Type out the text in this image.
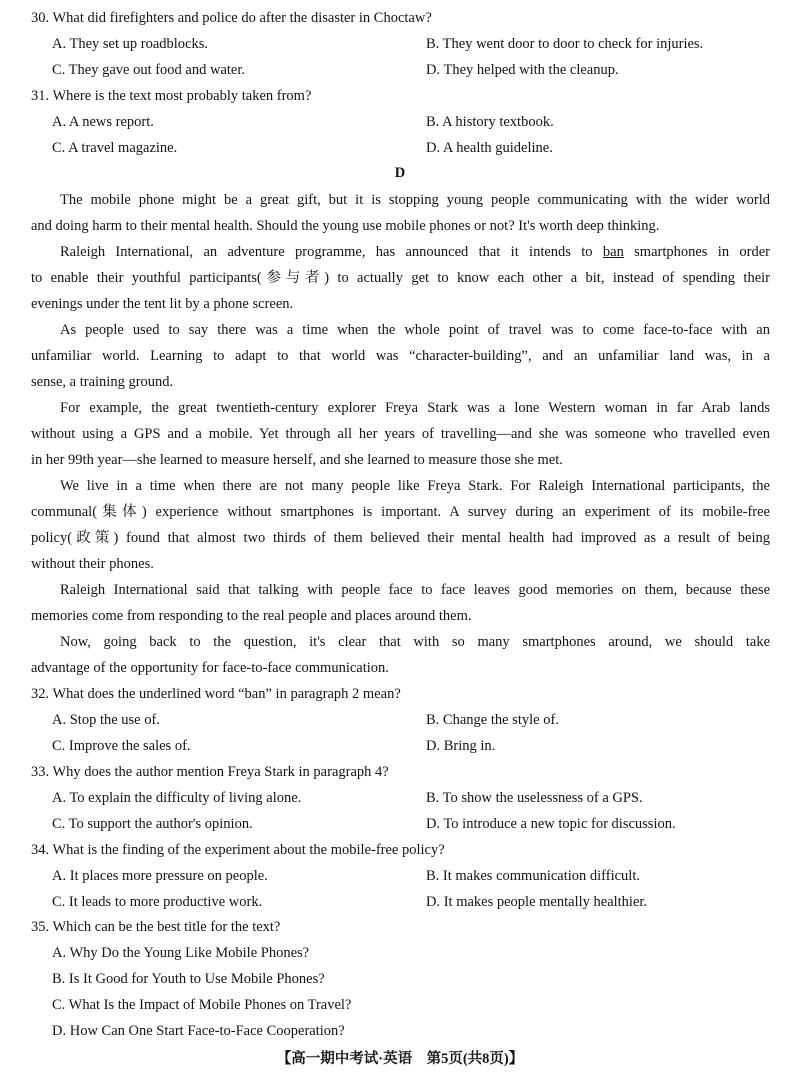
30. What did firefighters and police do after the disaster in Choctaw?
A. They set up roadblocks.	B. They went door to door to check for injuries.
C. They gave out food and water.	D. They helped with the cleanup.
31. Where is the text most probably taken from?
A. A news report.	B. A history textbook.
C. A travel magazine.	D. A health guideline.
D
The mobile phone might be a great gift, but it is stopping young people communicating with the wider world
and doing harm to their mental health. Should the young use mobile phones or not? It's worth deep thinking.
Raleigh International, an adventure programme, has announced that it intends to ban smartphones in order
to enable their youthful participants(参与者) to actually get to know each other a bit, instead of spending their
evenings under the tent lit by a phone screen.
As people used to say there was a time when the whole point of travel was to come face-to-face with an
unfamiliar world. Learning to adapt to that world was “character-building”, and an unfamiliar land was, in a
sense, a training ground.
For example, the great twentieth-century explorer Freya Stark was a lone Western woman in far Arab lands
without using a GPS and a mobile. Yet through all her years of travelling—and she was someone who travelled even
in her 99th year—she learned to measure herself, and she learned to measure those she met.
We live in a time when there are not many people like Freya Stark. For Raleigh International participants, the
communal(集体) experience without smartphones is important. A survey during an experiment of its mobile-free
policy(政策) found that almost two thirds of them believed their mental health had improved as a result of being
without their phones.
Raleigh International said that talking with people face to face leaves good memories on them, because these
memories come from responding to the real people and places around them.
Now, going back to the question, it's clear that with so many smartphones around, we should take
advantage of the opportunity for face-to-face communication.
32. What does the underlined word “ban” in paragraph 2 mean?
A. Stop the use of.	B. Change the style of.
C. Improve the sales of.	D. Bring in.
33. Why does the author mention Freya Stark in paragraph 4?
A. To explain the difficulty of living alone.	B. To show the uselessness of a GPS.
C. To support the author's opinion.	D. To introduce a new topic for discussion.
34. What is the finding of the experiment about the mobile-free policy?
A. It places more pressure on people.	B. It makes communication difficult.
C. It leads to more productive work.	D. It makes people mentally healthier.
35. Which can be the best title for the text?
A. Why Do the Young Like Mobile Phones?
B. Is It Good for Youth to Use Mobile Phones?
C. What Is the Impact of Mobile Phones on Travel?
D. How Can One Start Face-to-Face Cooperation?
【高一期中考试·英语　第5页(共8页)】
